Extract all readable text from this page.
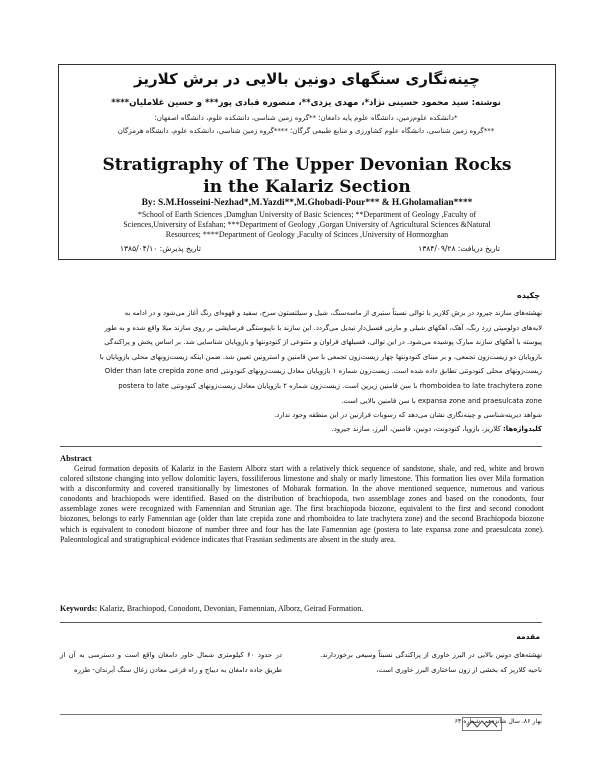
چینه‌نگاری سنگهای دونین بالایی در برش کلاریز
نوشته: سید محمود حسینی نژاد*، مهدی یزدی**، منصوره قبادی پور*** و حسین غلاملیان****
*دانشکده علوم‌زمین، دانشگاه علوم پایه دامغان؛ **گروه زمین شناسی، دانشکده علوم، دانشگاه اصفهان؛
***گروه زمین شناسی، دانشگاه علوم کشاورزی و منابع طبیعی گرگان؛ ****گروه زمین شناسی، دانشکده علوم، دانشگاه هرمزگان
Stratigraphy of The Upper Devonian Rocks
in the Kalariz Section
By: S.M.Hosseini-Nezhad*,M.Yazdi**,M.Ghobadi-Pour*** & H.Gholamalian****
*School of Earth Sciences ,Damghan University of Basic Sciences; **Department of Geology ,Faculty of
Sciences,University of Esfahan; ***Department of Geology ,Gorgan University of Agricultural Sciences &Natural
Resources; ****Department of Geology ,Faculty of Scinces ,University of Hormozghan
تاریخ دریافت: ۱۳۸۴/۰۹/۲۸
تاریخ پذیرش: ۱۳۸۵/۰۴/۱۰
چکیده
نهشته‌های سازند جیرود در برش کلاریز با توالی نسبتاً ستبری از ماسه‌سنگ، شیل و سیلتستون سرخ، سفید و قهوه‌ای رنگ آغاز می‌شود و در ادامه به
لایه‌های دولومیتی زرد رنگ، آهک، آهکهای شیلی و مارنی فسیل‌دار تبدیل می‌گردد. این سازند با ناپیوستگی فرسایشی بر روی سازند میلا واقع شده و به طور
پیوسته با آهکهای سازند مبارک پوشیده می‌شود. در این توالی، فسیلهای فراوان و متنوعی از کنودونتها و بازوپایان شناسایی شد. بر اساس پخش و پراکندگی
بازوپایان دو زیست‌زون تجمعی، و بر مبنای کنودونتها چهار زیست‌زون تجمعی با سن فامنین و استرونین تعیین شد. ضمن اینکه زیست‌زونهای محلی بازوپایان با
زیست‌زونهای محلی کنودونتی تطابق داده شده است. زیست‌زون شماره ۱ بازوپایان معادل زیست‌زونهای کنودونتی Older than late crepida zone and
rhomboidea to late trachytera zone با سن فامنین زیرین است. زیست‌زون شماره ۲ بازوپایان معادل زیست‌زونهای کنودونتی postera to late
expansa zone and praesulcata zone با سن فامنین بالایی است.
شواهد دیرینه‌شناسی و چینه‌نگاری نشان می‌دهد که رسوبات فرازنین در این منطقه وجود ندارد.
کلیدواژه‌ها: کلاریز، بازوپا، کنودونت، دونین، فامنین، البرز، سازند جیرود.
Abstract
Geirud formation deposits of Kalariz in the Eastern Alborz start with a relatively thick sequence of sandstone, shale, and red, white and brown colored siltstone changing into yellow dolomitic layers, fossiliferous limestone and shaly or marly limestone. This formation lies over Mila formation with a disconformity and covered transitionally by limestones of Mobarak formation. In the above mentioned sequence, numerous and various conodonts and brachiopods were identified. Based on the distribution of brachiopoda, two assemblage zones and based on the conodonts, four assemblage zones were recognized with Famennian and Strunian age. The first brachiopoda biozone, equivalent to the first and second conodont biozones, belongs to early Famennian age (older than late crepida zone and rhomboidea to late trachytera zone) and the second Brachiopoda biozone which is equivalent to conodont biozone of number three and four has the late Famennian age (postera to late expansa zone and praesulcata zone). Paleontological and stratigraphical evidence indicates that Frasnian sediments are absent in the study area.
Keywords: Kalariz, Brachiopod, Conodont, Devonian, Famennian, Alborz, Geirad Formation.
مقدمه
نهشته‌های دونین بالایی در البرز خاوری از پراکندگی نسبتاً وسیعی برخوردارند. ناحیه کلاریز که بخشی از زون ساختاری البرز خاوری است،
در حدود ۶۰ کیلومتری شمال خاور دامغان واقع است و دسترسی به آن از طریق جاده دامغان به دیباج و راه فرعی معادن زغال سنگ آبرندان- طزره
بهار ۸۶، سال شانزدهم، شماره ۶۳
